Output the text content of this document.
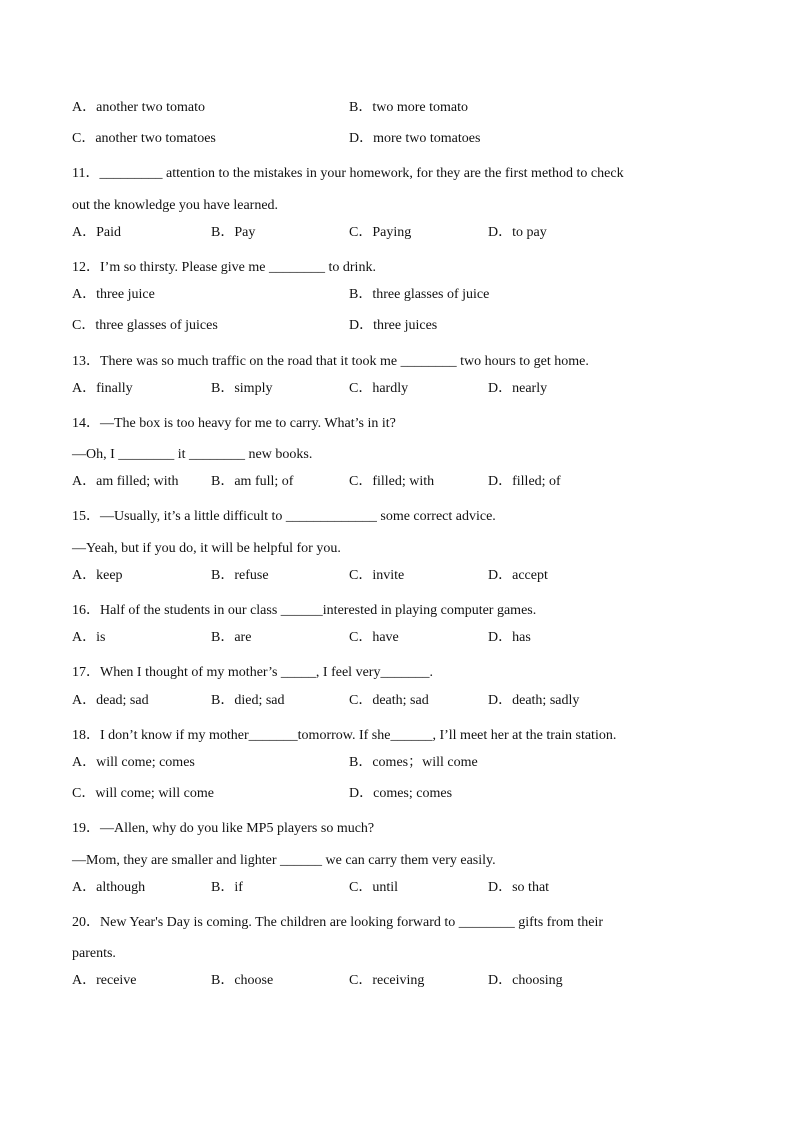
A．another two tomato	B．two more tomato
C．another two tomatoes	D．more two tomatoes
11．_________ attention to the mistakes in your homework, for they are the first method to check
out the knowledge you have learned.
A．Paid	B．Pay	C．Paying	D．to pay
12．I’m so thirsty. Please give me ________ to drink.
A．three juice	B．three glasses of juice
C．three glasses of juices	D．three juices
13．There was so much traffic on the road that it took me ________ two hours to get home.
A．finally	B．simply	C．hardly	D．nearly
14．—The box is too heavy for me to carry. What’s in it?
—Oh, I ________ it ________ new books.
A．am filled; with B．am full; of	C．filled; with	D．filled; of
15．—Usually, it’s a little difficult to _____________ some correct advice.
—Yeah, but if you do, it will be helpful for you.
A．keep	B．refuse	C．invite	D．accept
16．Half of the students in our class ______interested in playing computer games.
A．is	B．are	C．have	D．has
17．When I thought of my mother’s _____, I feel very_______.
A．dead; sad	B．died; sad	C．death; sad	D．death; sadly
18．I don’t know if my mother_______tomorrow. If she______, I’ll meet her at the train station.
A．will come; comes	B．comes；will come
C．will come; will come	D．comes; comes
19．—Allen, why do you like MP5 players so much?
—Mom, they are smaller and lighter ______ we can carry them very easily.
A．although	B．if	C．until	D．so that
20．New Year's Day is coming. The children are looking forward to ________ gifts from their
parents.
A．receive	B．choose	C．receiving	D．choosing
